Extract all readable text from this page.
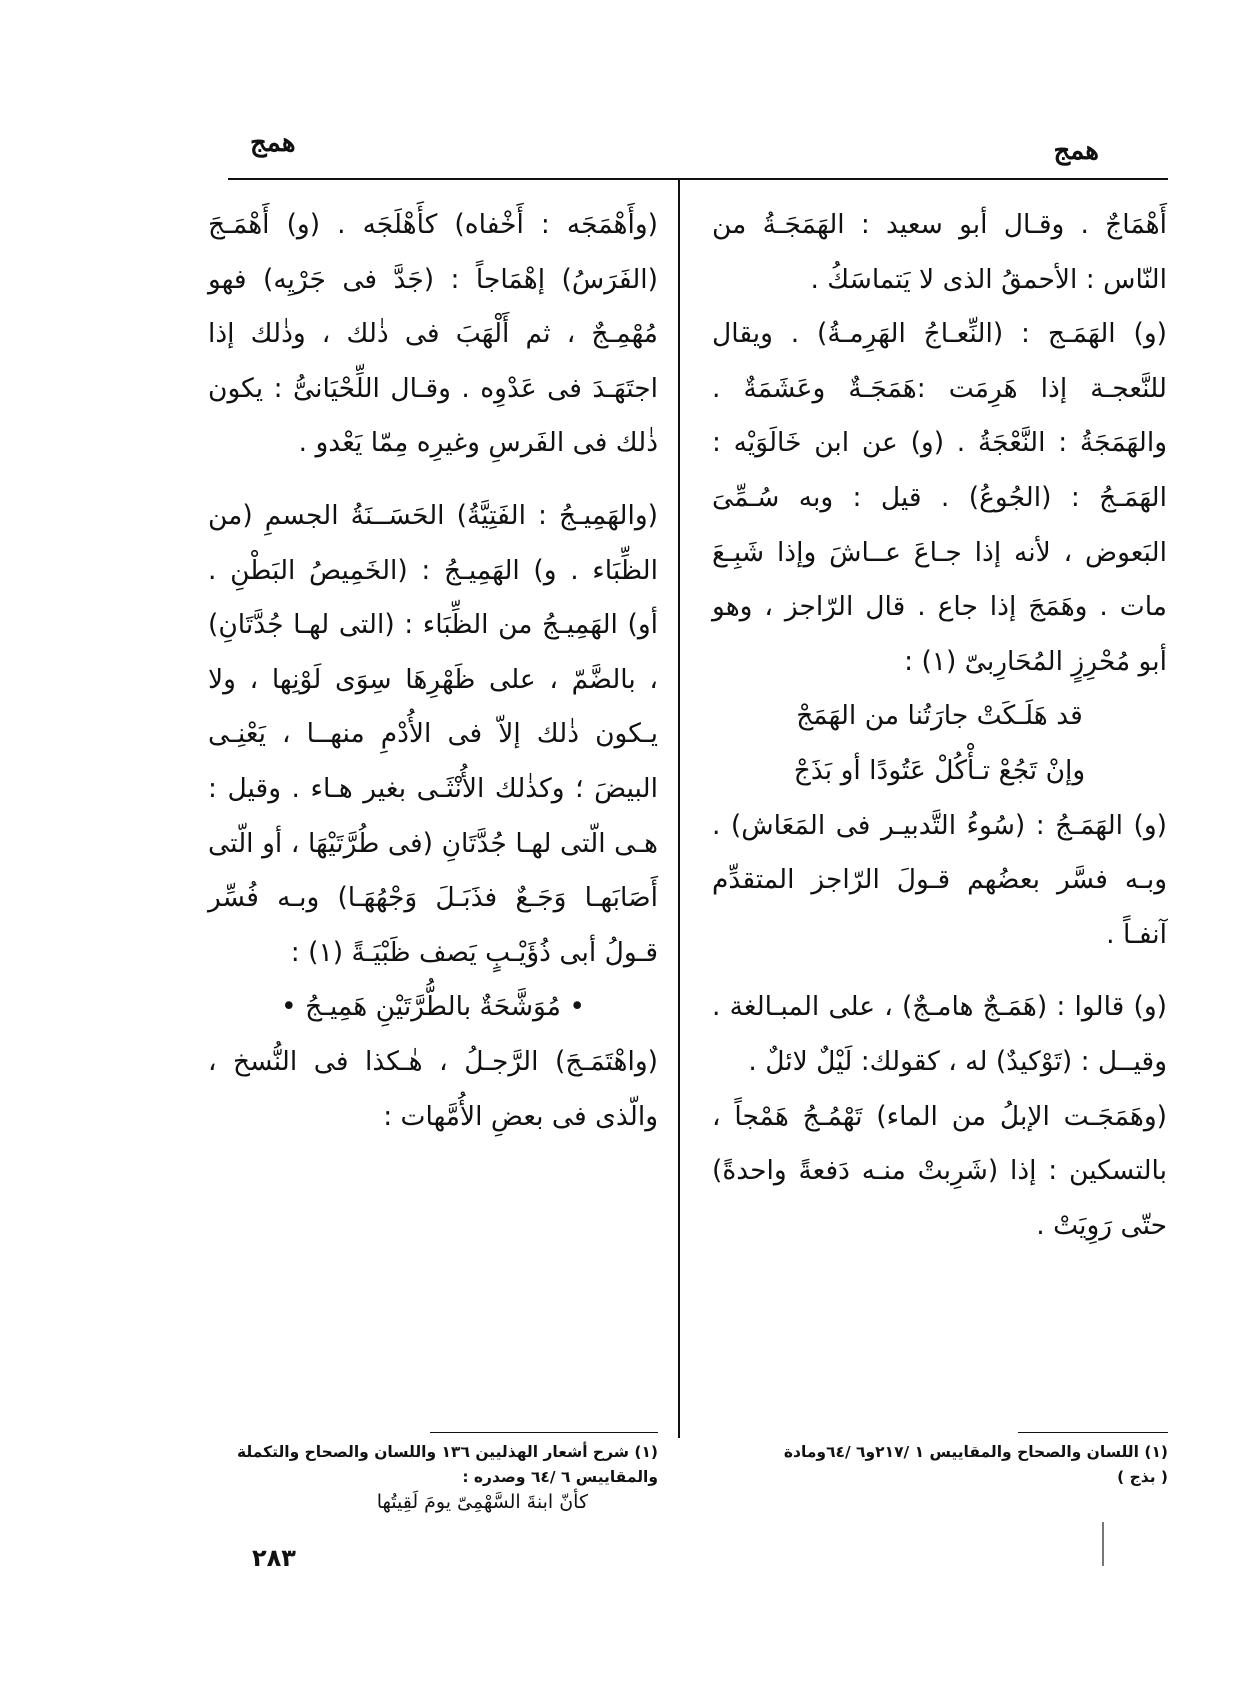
همج	همج

أَهْمَاجٌ . وقـال أبو سعيد : الهَمَجَـةُ من النّاس : الأحمقُ الذى لا يَتماسَكُ .

(و) الهَمَـج : (النِّعـاجُ الهَرِمـةُ) . ويقال للنَّعجـة إذا هَرِمَت :هَمَجَـةٌ وعَشَمَةٌ . والهَمَجَةُ : النَّعْجَةُ . (و) عن ابن خَالَوَيْه : الهَمَـجُ : (الجُوعُ) . قيل : وبه سُـمِّىَ البَعوض ، لأنه إذا جـاعَ عــاشَ وإذا شَبِـعَ مات . وهَمَجَ إذا جاع . قال الرّاجز ، وهو أبو مُحْرِزٍ المُحَارِبىّ (١) :

قد هَلَـكَتْ جارَتُنا من الهَمَجْ

وإنْ تَجُعْ تـأْكُلْ عَتُودًا أو بَذَجْ

(و) الهَمَـجُ : (سُوءُ التَّدبيـر فى المَعَاش) . وبـه فسَّر بعضُهم قـولَ الرّاجز المتقدِّم آنفـاً .

(و) قالوا : (هَمَـجٌ هامـجٌ) ، على المبـالغة . وقيــل : (تَوْكيدٌ) له ، كقولك: لَيْلٌ لائلٌ .

(وهَمَجَـت الإبلُ من الماء) تَهْمُـجُ هَمْجاً ، بالتسكين : إذا (شَرِبتْ منـه دَفعةً واحدةً) حتّى رَوِيَتْ .

(وأَهْمَجَه : أَخْفاه) كأَهْلَجَه . (و) أَهْمَـجَ (الفَرَسُ) إهْمَاجاً : (جَدَّ فى جَرْيِه) فهو مُهْمِـجٌ ، ثم أَلْهَبَ فى ذٰلك ، وذٰلك إذا اجتَهَـدَ فى عَدْوِه . وقـال اللِّحْيَانىُّ : يكون ذٰلك فى الفَرسِ وغيرِه مِمّا يَعْدو .

(والهَمِيـجُ : الفَتِيَّةُ) الحَسَــنَةُ الجسمِ (من الظِّبَاء . و) الهَمِيـجُ : (الخَمِيصُ البَطْنِ . أو) الهَمِيـجُ من الظِّبَاء : (التى لهـا جُدَّتَانِ) ، بالضَّمّ ، على ظَهْرِهَا سِوَى لَوْنِها ، ولا يـكون ذٰلك إلاّ فى الأُدْمِ منهــا ، يَعْنِـى البيضَ ؛ وكذٰلك الأُنْثَـى بغير هـاء . وقيل : هـى الّتى لهـا جُدَّتَانِ (فى طُرَّتَيْهَا ، أو الّتى أَصَابَهـا وَجَـعٌ فذَبَـلَ وَجْهُهَـا) وبـه فُسِّر قـولُ أبى ذُؤَيْـبٍ يَصف ظَبْيَـةً (١) :

• مُوَشَّحَةٌ بالطُّرَّتَيْنِ هَمِيـجُ •

(واهْتَمَـجَ) الرَّجـلُ ، هٰـكذا فى النُّسخ ، والّذى فى بعضِ الأُمَّهات :

(١) اللسان والصحاح والمقاييس ١ /٢١٧و٦ /٦٤ومادة

( بذج )

(١) شرح أشعار الهذليين ١٣٦ واللسان والصحاح والتكملة والمقاييس ٦ /٦٤ وصدره :

كأنّ ابنةَ السَّهْمِىّ يومَ لَقِيتُها

٢٨٣
